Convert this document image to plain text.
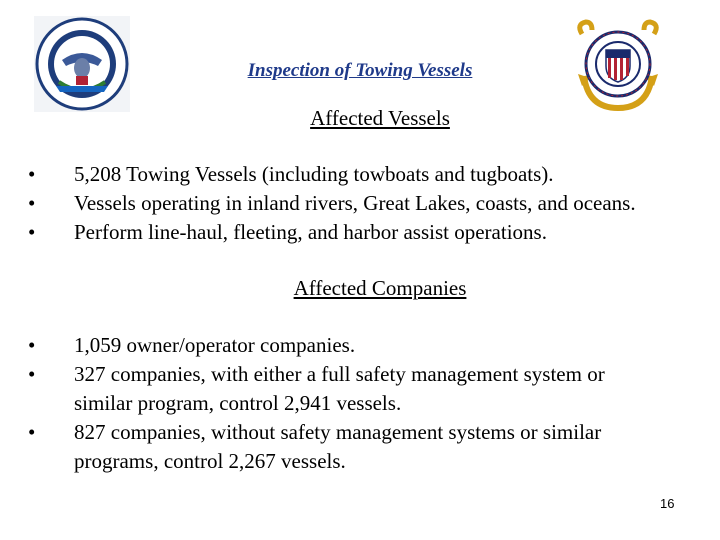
Inspection of Towing Vessels
Affected Vessels
• 5,208 Towing Vessels (including towboats and tugboats).
• Vessels operating in inland rivers, Great Lakes, coasts, and oceans.
• Perform line-haul, fleeting, and harbor assist operations.
Affected Companies
• 1,059 owner/operator companies.
• 327 companies, with either a full safety management system or
similar program, control 2,941 vessels.
• 827 companies, without safety management systems or similar
programs, control 2,267 vessels.
16
